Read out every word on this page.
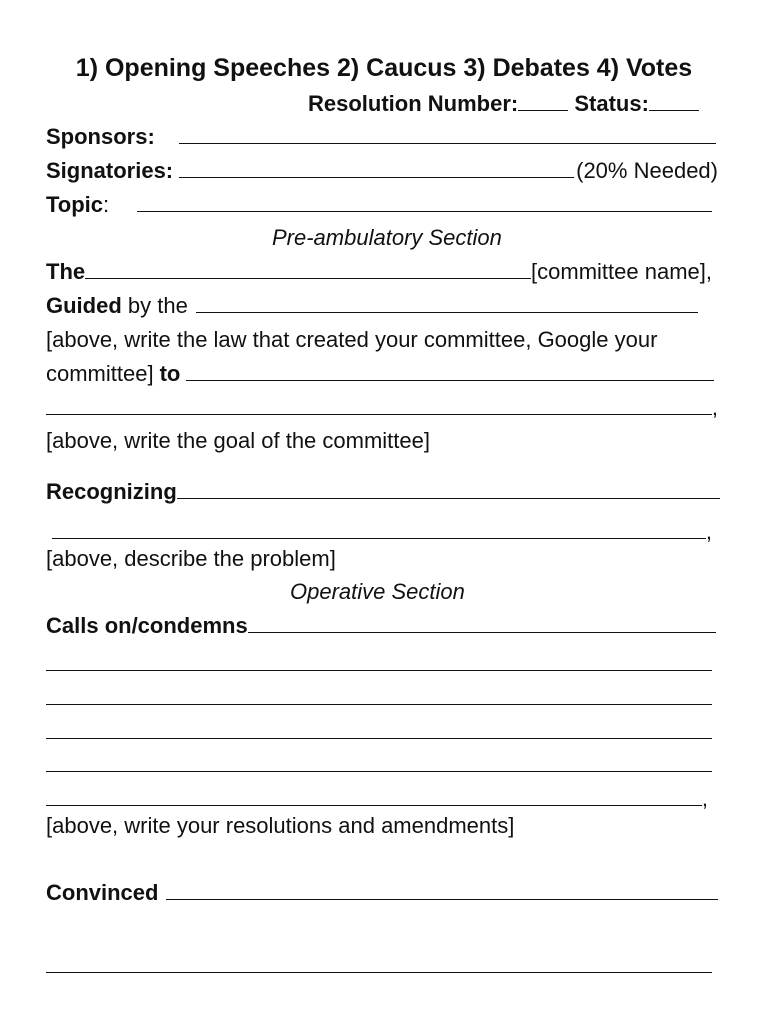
1) Opening Speeches 2) Caucus 3) Debates 4) Votes
Resolution Number:	Status:
Sponsors:
Signatories:	(20% Needed)
Topic :
Pre-ambulatory Section
The	[committee name],
Guided by the
[above, write the law that created your committee, Google your
committee] to
,
[above, write the goal of the committee]
Recognizing
,
[above, describe the problem]
Operative Section
Calls on/condemns
,
[above, write your resolutions and amendments]
Convinced
